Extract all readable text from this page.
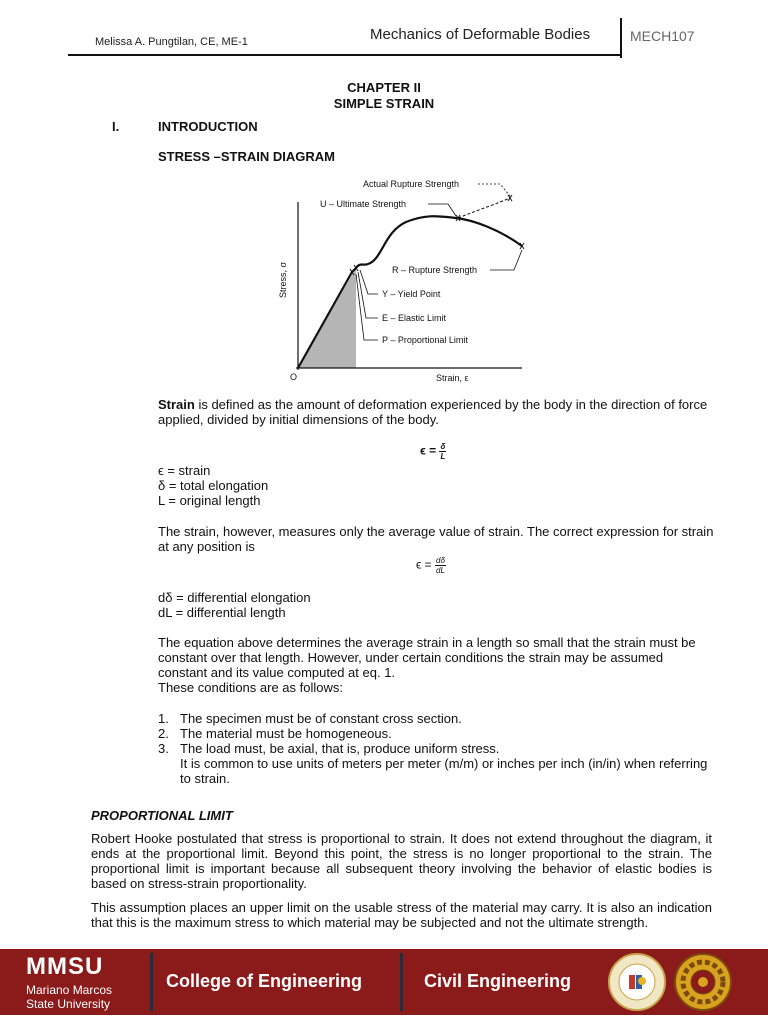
Melissa A. Pungtilan, CE, ME-1	Mechanics of Deformable Bodies	MECH107
CHAPTER II
SIMPLE STRAIN
I.	INTRODUCTION
STRESS –STRAIN DIAGRAM
Actual Rupture Strength
U – Ultimate Strength
R – Rupture Strength
Y – Yield Point
E – Elastic Limit
P – Proportional Limit
Strain, ε
O
Stress, σ
Strain is defined as the amount of deformation experienced by the body in the direction of force applied, divided by initial dimensions of the body.
$\epsilon = \frac{\delta}{L}$
ϵ = strain
δ = total elongation
L = original length
The strain, however, measures only the average value of strain. The correct expression for strain at any position is
$\epsilon = \frac{d\delta}{dL}$
dδ = differential elongation
dL = differential length
The equation above determines the average strain in a length so small that the strain must be constant over that length. However, under certain conditions the strain may be assumed constant and its value computed at eq. 1.
These conditions are as follows:
1. The specimen must be of constant cross section.
2. The material must be homogeneous.
3. The load must, be axial, that is, produce uniform stress.
It is common to use units of meters per meter (m/m) or inches per inch (in/in) when referring to strain.
PROPORTIONAL LIMIT
Robert Hooke postulated that stress is proportional to strain. It does not extend throughout the diagram, it ends at the proportional limit. Beyond this point, the stress is no longer proportional to the strain. The proportional limit is important because all subsequent theory involving the behavior of elastic bodies is based on stress-strain proportionality.
This assumption places an upper limit on the usable stress of the material may carry. It is also an indication that this is the maximum stress to which material may be subjected and not the ultimate strength.
MMSU
Mariano Marcos
State University
College of Engineering	Civil Engineering
